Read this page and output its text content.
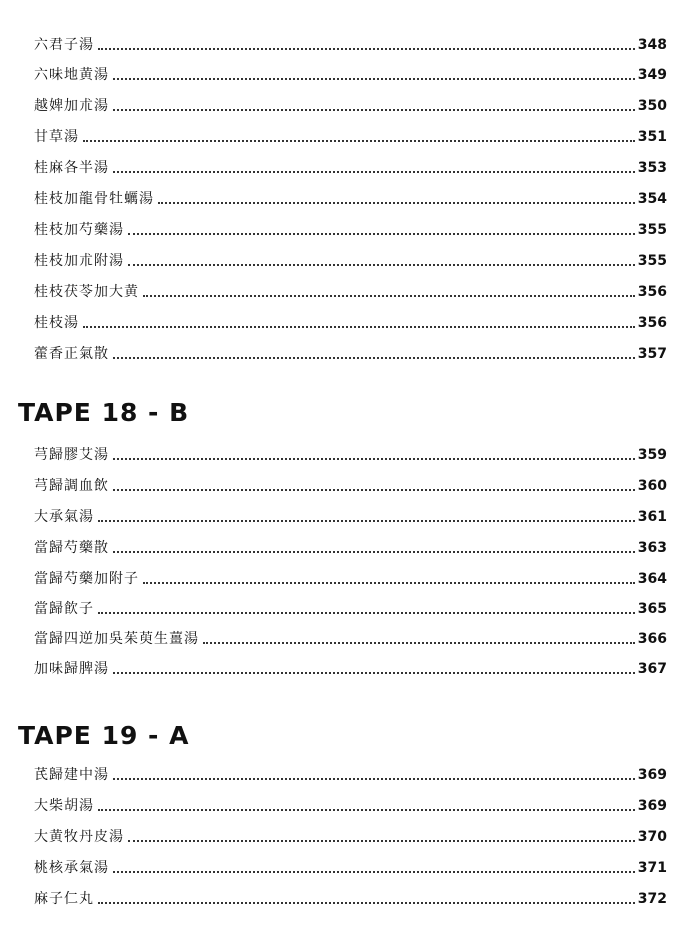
六君子湯	348
六味地黄湯	349
越婢加朮湯	350
甘草湯	351
桂麻各半湯	353
桂枝加龍骨牡蠣湯	354
桂枝加芍藥湯	355
桂枝加朮附湯	355
桂枝茯苓加大黄	356
桂枝湯	356
藿香正氣散	357
TAPE 18 - B
芎歸膠艾湯	359
芎歸調血飲	360
大承氣湯	361
當歸芍藥散	363
當歸芍藥加附子	364
當歸飮子	365
當歸四逆加吳茱萸生薑湯	366
加味歸脾湯	367
TAPE 19 - A
芪歸建中湯	369
大柴胡湯	369
大黄牧丹皮湯	370
桃核承氣湯	371
麻子仁丸	372
